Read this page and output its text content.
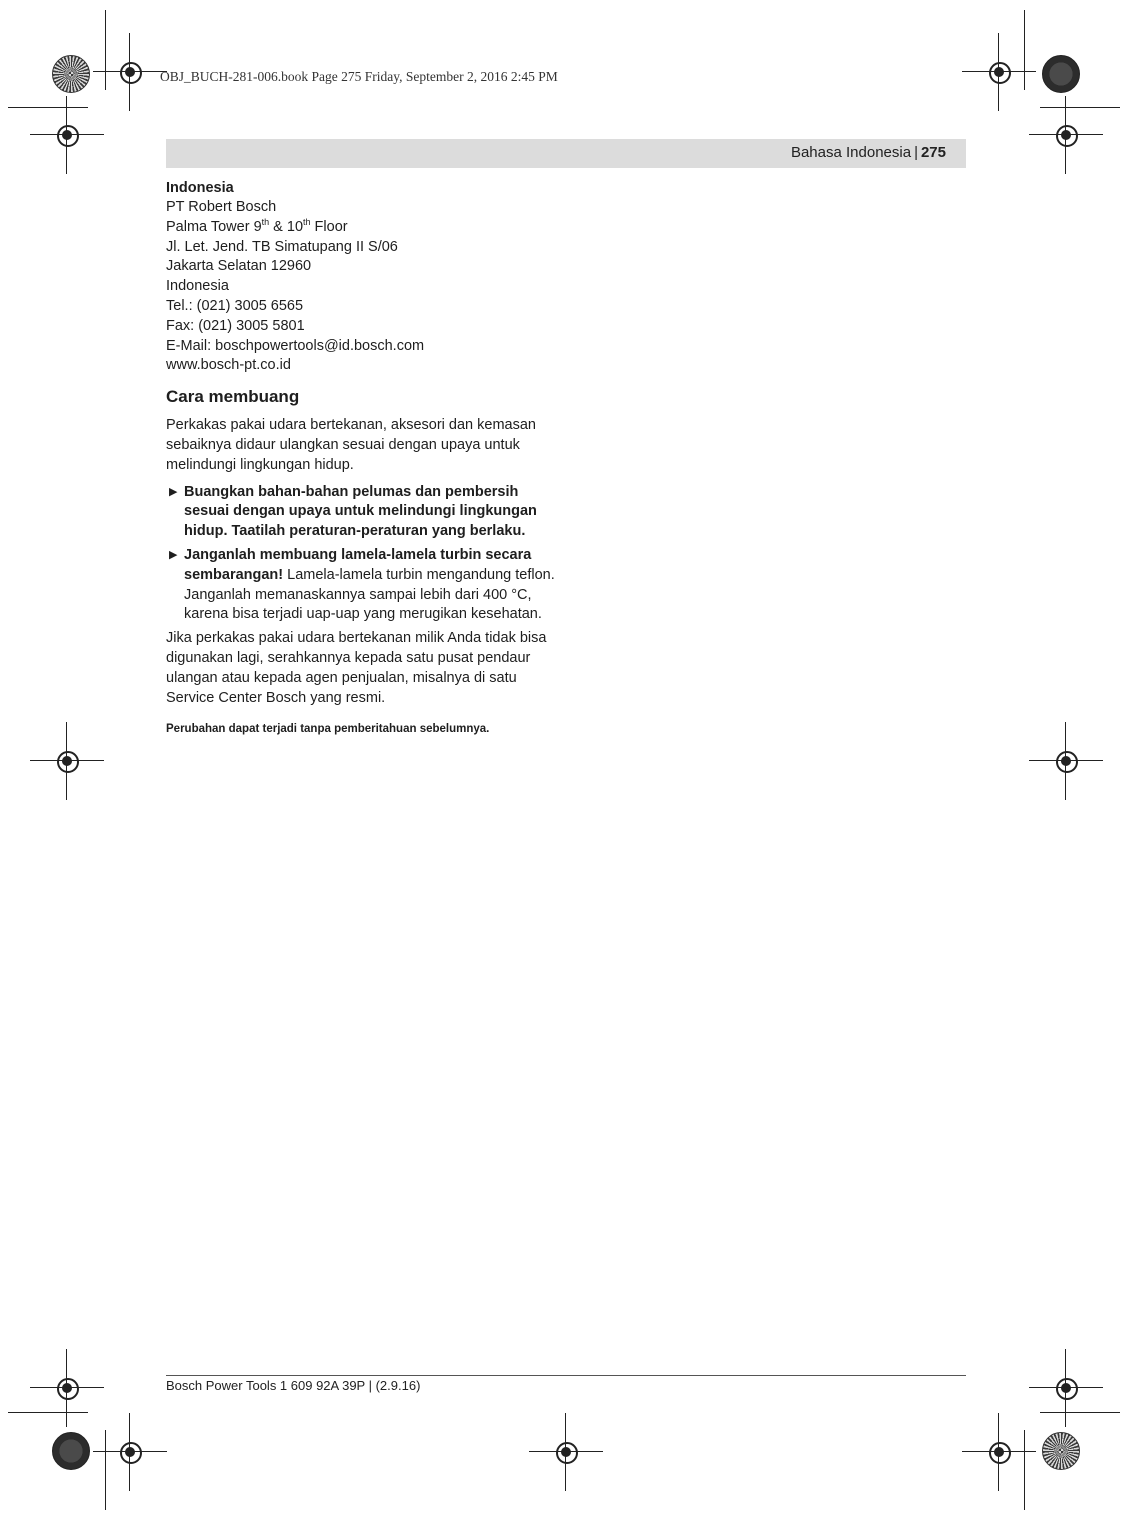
OBJ_BUCH-281-006.book Page 275 Friday, September 2, 2016 2:45 PM
Bahasa Indonesia | 275

Indonesia

PT Robert Bosch

Palma Tower 9th & 10th Floor

Jl. Let. Jend. TB Simatupang II S/06

Jakarta Selatan 12960

Indonesia

Tel.: (021) 3005 6565

Fax: (021) 3005 5801

E-Mail: boschpowertools@id.bosch.com

www.bosch-pt.co.id

Cara membuang

Perkakas pakai udara bertekanan, aksesori dan kemasan sebaiknya didaur ulangkan sesuai dengan upaya untuk melindungi lingkungan hidup.

▶ Buangkan bahan-bahan pelumas dan pembersih sesuai dengan upaya untuk melindungi lingkungan hidup. Taatilah peraturan-peraturan yang berlaku.
▶ Janganlah membuang lamela-lamela turbin secara sembarangan! Lamela-lamela turbin mengandung teflon. Janganlah memanaskannya sampai lebih dari 400 °C, karena bisa terjadi uap-uap yang merugikan kesehatan.

Jika perkakas pakai udara bertekanan milik Anda tidak bisa digunakan lagi, serahkannya kepada satu pusat pendaur ulangan atau kepada agen penjualan, misalnya di satu Service Center Bosch yang resmi.

Perubahan dapat terjadi tanpa pemberitahuan sebelumnya.

Bosch Power Tools 1 609 92A 39P | (2.9.16)
